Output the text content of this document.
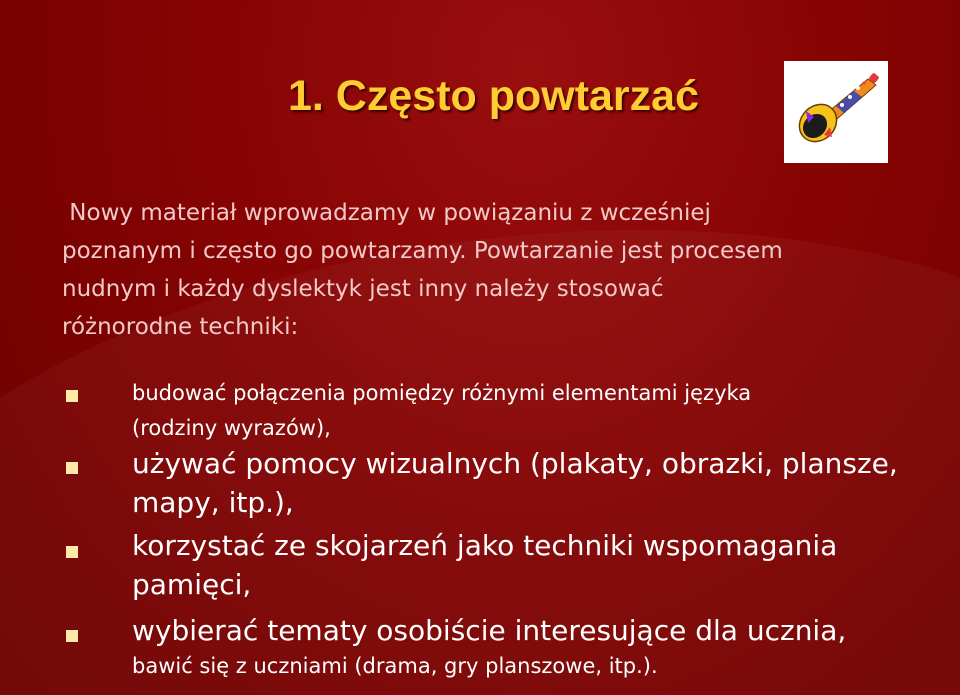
1. Często powtarzać
Nowy materiał wprowadzamy w powiązaniu z wcześniej
poznanym i często go powtarzamy. Powtarzanie jest procesem
nudnym i każdy dyslektyk jest inny należy stosować
różnorodne techniki:
budować połączenia pomiędzy różnymi elementami języka
(rodziny wyrazów),
używać pomocy wizualnych (plakaty, obrazki, plansze,
mapy, itp.),
korzystać ze skojarzeń jako techniki wspomagania
pamięci,
wybierać tematy osobiście interesujące dla ucznia,
bawić się z uczniami (drama, gry planszowe, itp.).
